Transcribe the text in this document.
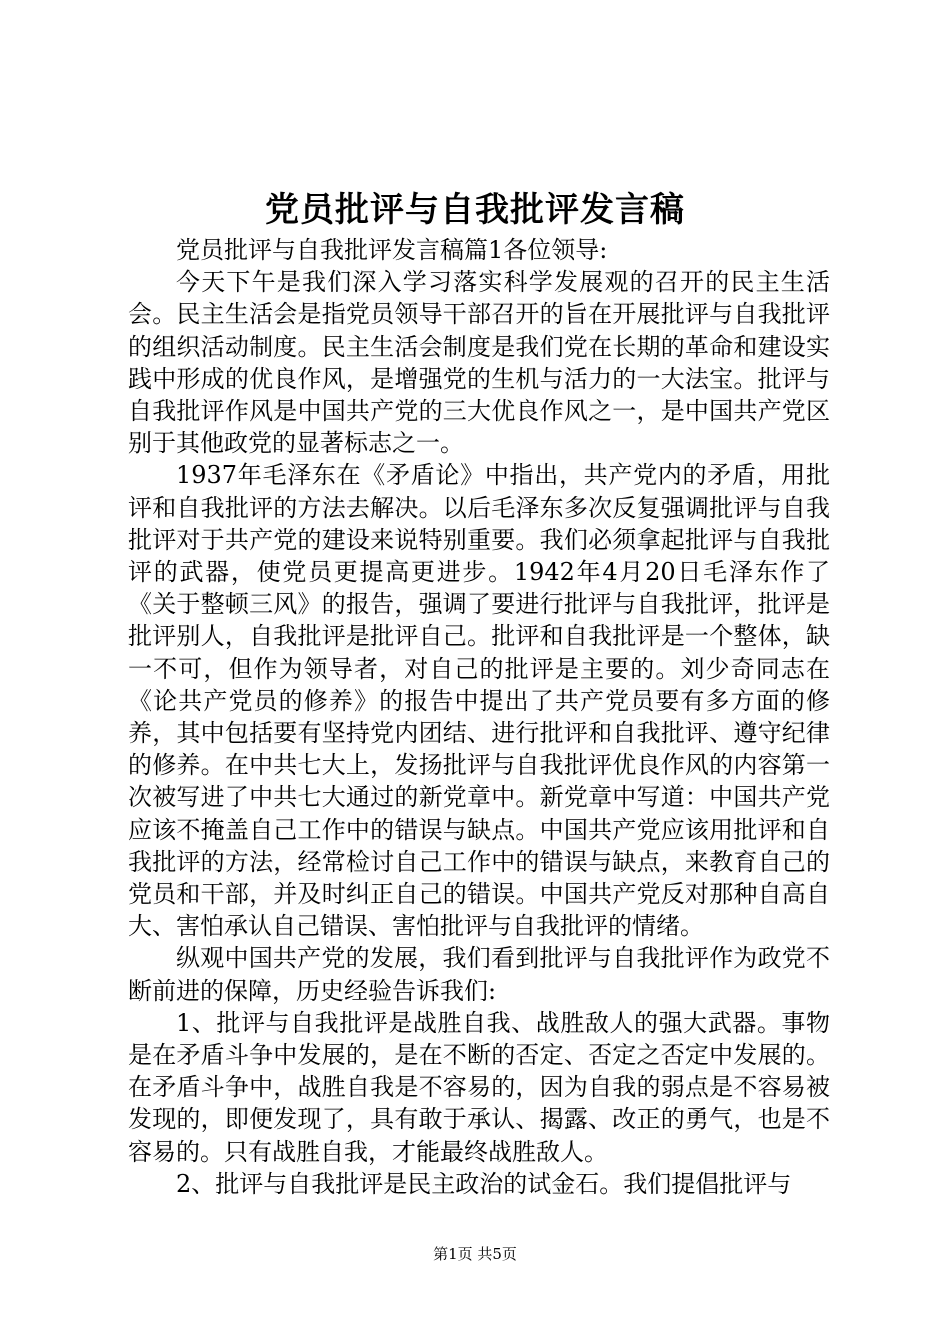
党员批评与自我批评发言稿

党员批评与自我批评发言稿篇1各位领导:

今天下午是我们深入学习落实科学发展观的召开的民主生活会。民主生活会是指党员领导干部召开的旨在开展批评与自我批评的组织活动制度。民主生活会制度是我们党在长期的革命和建设实践中形成的优良作风，是增强党的生机与活力的一大法宝。批评与自我批评作风是中国共产党的三大优良作风之一，是中国共产党区别于其他政党的显著标志之一。

1937年毛泽东在《矛盾论》中指出，共产党内的矛盾，用批评和自我批评的方法去解决。以后毛泽东多次反复强调批评与自我批评对于共产党的建设来说特别重要。我们必须拿起批评与自我批评的武器，使党员更提高更进步。1942年4月20日毛泽东作了《关于整顿三风》的报告，强调了要进行批评与自我批评，批评是批评别人，自我批评是批评自己。批评和自我批评是一个整体，缺一不可，但作为领导者，对自己的批评是主要的。刘少奇同志在《论共产党员的修养》的报告中提出了共产党员要有多方面的修养，其中包括要有坚持党内团结、进行批评和自我批评、遵守纪律的修养。在中共七大上，发扬批评与自我批评优良作风的内容第一次被写进了中共七大通过的新党章中。新党章中写道：中国共产党应该不掩盖自己工作中的错误与缺点。中国共产党应该用批评和自我批评的方法，经常检讨自己工作中的错误与缺点，来教育自己的党员和干部，并及时纠正自己的错误。中国共产党反对那种自高自大、害怕承认自己错误、害怕批评与自我批评的情绪。

纵观中国共产党的发展，我们看到批评与自我批评作为政党不断前进的保障，历史经验告诉我们:

1、批评与自我批评是战胜自我、战胜敌人的强大武器。事物是在矛盾斗争中发展的，是在不断的否定、否定之否定中发展的。在矛盾斗争中，战胜自我是不容易的，因为自我的弱点是不容易被发现的，即便发现了，具有敢于承认、揭露、改正的勇气，也是不容易的。只有战胜自我，才能最终战胜敌人。

2、批评与自我批评是民主政治的试金石。我们提倡批评与

第1页 共5页
